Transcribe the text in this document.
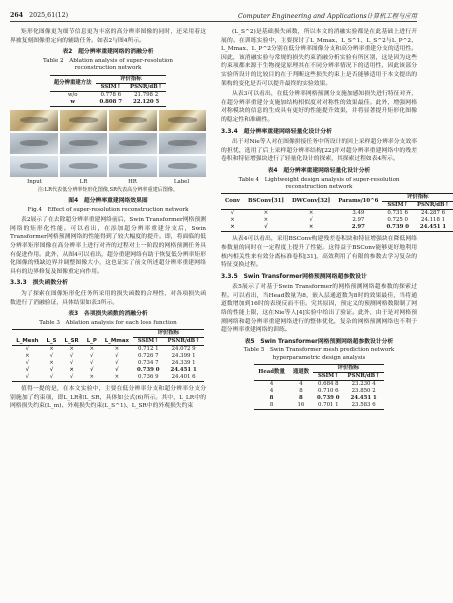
264 2025,61(12)	Computer Engineering and Applications计算机工程与应用

矩形化图像更为细节信息更为丰富的高分辨率图像的同时，还采用着这界被复刻图像重定向的辅助任务。如表2与图4所示。

表2　超分辨率重建网络的消融分析
Table 2　Ablation analysis of super-resolution
reconstruction network
超分辨重建方法	评价指标	
	SSIM↑	PSNR/dB↑
w/o	0.778 6	21.798 2
w	0.808 7	22.120 5
Input	LR	HR	Label
注:LR代表低分辨率矩形化图像,SR代表高分辨率重建后图像。
图4　超分辨率重建网络效果图
Fig.4　Effect of super-resolution reconstruction network

表2展示了在去除超分辨率重建网络前后，Swin Transformer网格预测网络的矩形化性能。可以看出，在添加超分辨率重建分支后，Swin Transformer网格预测网络的性能得到了较大幅度的提升。即，将面临的低分辨率矩形图像在高分辨率上进行对齐的过程对上一阶段的网格预测任务具有促进作用。此外，从图4可以看出，超分重建网络有助于恢复低分辨率矩形化图像的残缺边界并调整图像大小，这也证实了前文所述超分辨率重建网络具有的边界修复及图像重定向作用。

3.3.3　损失函数分析

为了探索在图像矩形化任务所采用的损失函数的合理性，对各项损失函数进行了消融验证，具体结果如表3所示。

表3　各项损失函数的消融分析
Table 3　Ablation analysis for each loss function
					评价指标	
L_Mesh	L_S	L_SR	L_P	L_Mmax	SSIM↑	PSNR/dB↑
√	×	×	×	×	0.712 1	24.072 9
×	√	√	√	√	0.726 7	24.399 1
√	×	√	√	√	0.734 7	24.339 1
√	√	×	√	√	0.739 0	24.451 1
√	√	√	×	×	0.736 9	24.401 6

值得一提的是，在本文实验中，主要在低分辨率分支和超分辨率分支分别施加了约束项，即L_LR和L_SR，具体如公式(6)所示。其中，L_LR中的网格损失约束(L_m)、外观损失约束(L_S^1)、L_SR中的外观损失约束

(L_S^2)是基础损失函数，所以本文的消融实验都是在此基础上进行开展的。在训练实验中，主要探讨了L_Mmax、L_S^1、L_S^2与L_P^2、L_Mmax、L_P^2分别在低分辨率图像分支和高分辨率重建分支的适用性。因此，该消融实验与常规的损失约束消融分析实验有所区别，这是因为这些约束项都来源于生物视觉原理其在不同分辨率情况下的适用性，因此该部分实验所设计的比较目的在于判断这些损失约束上是否能够适用于本文提出的架构的变化是否可以提升最终的实验效果。

从表3可以看出，在低分辨率网格预测分支施加感知损失进行特征对齐，在超分辨率重建分支施加结构相似度对对称性的效果最佳。此外，增强网格对称模块的信息的生成具有更好的性能提升效果，并将显著提升矩形化图像的稳定性和准确性。

3.3.4　超分辨率重建网络轻量化设计分析

出于对Nie等人对在图像拼接任务中所设计的回上采样超分辨率分支效率的担忧，选用了后上采样超分辨率结构[22]并对超分辨率重建网络中的残差卷积和特征增强块进行了轻量化设计的探索，其探索过程如表4所示。

表4　超分辨率重建网络轻量化设计分析
Table 4　Lightweight design analysis of super-resolution
reconstruction network
Conv	BSConv[31]	DWConv[32]	Params/10^6	评价指标	
				SSIM↑	PSNR/dB↑
√	×	×	3.49	0.731 6	24.287 6
×	×	√	2.97	0.725 0	24.118 1
×	√	×	2.97	0.739 0	24.451 1

从表4可以看出，采用BSConv构建残差卷积块和特征增强块在降低网络参数量的同时在一定程度上提升了性能。这得益于BSConv能够更好地利用核内相关性来有效分离标准卷积[31]，高效利用了有限的参数去学习复杂的特征变换过程。

3.3.5　Swin Transformer网格预测网络超参数设计

表5展示了对基于Swin Transformer的网格预测网络超参数的探索过程。可以看出，当Head数量为8，嵌入层通道数为8时的效果最佳，当将通道数增加到16时的表现反而不佳。究其原因，预定义的预测网格数限制了网络的性能上限，这在Nie等人[4]实验中给出了验证。此外，由于是对网格预测网络和超分辨率重建网络进行的整体优化，复杂的网格预测网络也不利于超分辨率重建网络的训练。

表5　Swin Transformer网格预测网络超参数设计分析
Table 5　Swin Transformer mesh prediction network
hyperparametric design analysis
Head数量	通道数	评价指标	
		SSIM↑	PSNR/dB↑
4	4	0.684 8	23.230 4
4	8	0.710 6	23.850 2
8	8	0.739 0	24.451 1
8	16	0.701 1	23.583 6
